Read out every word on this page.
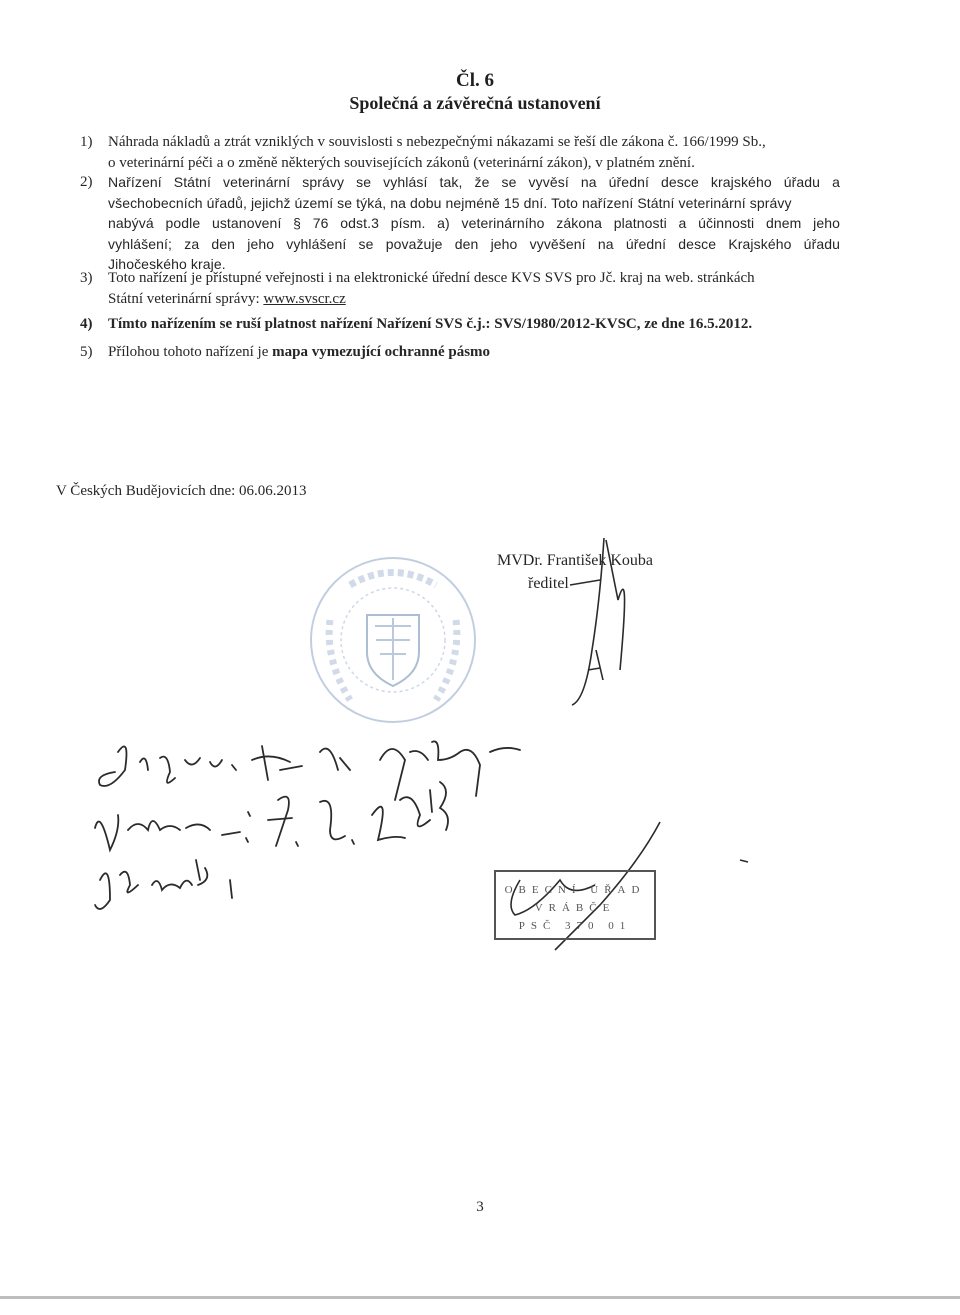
Čl. 6
Společná a závěrečná ustanovení
1)	Náhrada nákladů a ztrát vzniklých v souvislosti s nebezpečnými nákazami se řeší dle zákona č. 166/1999 Sb.,
o veterinární péči a o změně některých souvisejících zákonů (veterinární zákon), v platném znění.
2)	Nařízení Státní veterinární správy se vyhlásí tak, že se vyvěsí na úřední desce krajského úřadu a
všechobecních úřadů, jejichž území se týká, na dobu nejméně 15 dní. Toto nařízení Státní veterinární správy
nabývá podle ustanovení § 76 odst.3 písm. a) veterinárního zákona platnosti a účinnosti dnem jeho
vyhlášení; za den jeho vyhlášení se považuje den jeho vyvěšení na úřední desce Krajského úřadu
Jihočeského kraje.
3)	Toto nařízení je přístupné veřejnosti i na elektronické úřední desce KVS SVS pro Jč. kraj na web. stránkách
Státní veterinární správy: www.svscr.cz
4)	Tímto nařízením se ruší platnost nařízení Nařízení SVS č.j.: SVS/1980/2012-KVSC, ze dne 16.5.2012.
5)	Přílohou tohoto nařízení je mapa vymezující ochranné pásmo
V Českých Budějovicích dne: 06.06.2013
MVDr. František Kouba
ředitel
OBECNÍ ÚŘAD
VRÁBČE
PSČ 370 01
3
